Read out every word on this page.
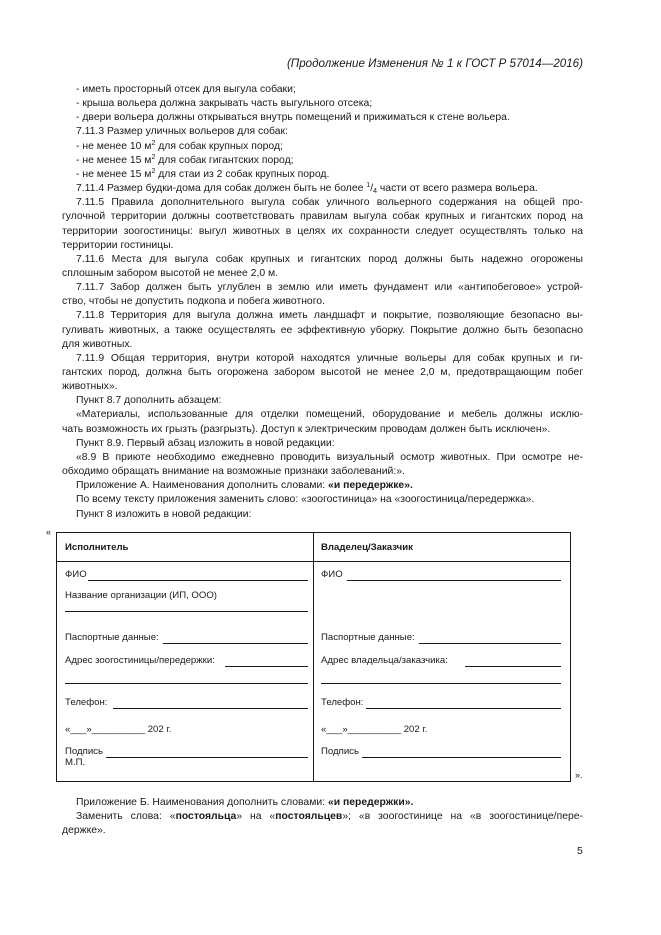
(Продолжение Изменения № 1 к ГОСТ Р 57014—2016)
- иметь просторный отсек для выгула собаки;
- крыша вольера должна закрывать часть выгульного отсека;
- двери вольера должны открываться внутрь помещений и прижиматься к стене вольера.
7.11.3 Размер уличных вольеров для собак:
- не менее 10 $м^2$ для собак крупных пород;
- не менее 15 $м^2$ для собак гигантских пород;
- не менее 15 $м^2$ для стаи из 2 собак крупных пород.
7.11.4 Размер будки-дома для собак должен быть не более $^1/_4$ части от всего размера вольера.
7.11.5 Правила дополнительного выгула собак уличного вольерного содержания на общей про-
гулочной территории должны соответствовать правилам выгула собак крупных и гигантских пород на
территории зоогостиницы: выгул животных в целях их сохранности следует осуществлять только на
территории гостиницы.
7.11.6 Места для выгула собак крупных и гигантских пород должны быть надежно огорожены
сплошным забором высотой не менее 2,0 м.
7.11.7 Забор должен быть углублен в землю или иметь фундамент или «антипобеговое» устрой-
ство, чтобы не допустить подкопа и побега животного.
7.11.8 Территория для выгула должна иметь ландшафт и покрытие, позволяющие безопасно вы-
гуливать животных, а также осуществлять ее эффективную уборку. Покрытие должно быть безопасно
для животных.
7.11.9 Общая территория, внутри которой находятся уличные вольеры для собак крупных и ги-
гантских пород, должна быть огорожена забором высотой не менее 2,0 м, предотвращающим побег
животных».
Пункт 8.7 дополнить абзацем:
«Материалы, использованные для отделки помещений, оборудование и мебель должны исклю-
чать возможность их грызть (разгрызть). Доступ к электрическим проводам должен быть исключен».
Пункт 8.9. Первый абзац изложить в новой редакции:
«8.9 В приюте необходимо ежедневно проводить визуальный осмотр животных. При осмотре не-
обходимо обращать внимание на возможные признаки заболеваний:».
Приложение А. Наименования дополнить словами: «и передержке».
По всему тексту приложения заменить слово: «зоогостиница» на «зоогостиница/передержка».
Пункт 8 изложить в новой редакции:
«
Исполнитель	Владелец/Заказчик
ФИО
Название организации (ИП, ООО)
Паспортные данные:
Адрес зоогостиницы/передержки:
Телефон:
«___»__________ 202 г.
Подпись
М.П.
ФИО
Паспортные данные:
Адрес владельца/заказчика:
Телефон:
«___»__________ 202 г.
Подпись
».
Приложение Б. Наименования дополнить словами: «и передержки».
Заменить слова: «постояльца» на «постояльцев»; «в зоогостинице на «в зоогостинице/пере-
держке».
5
